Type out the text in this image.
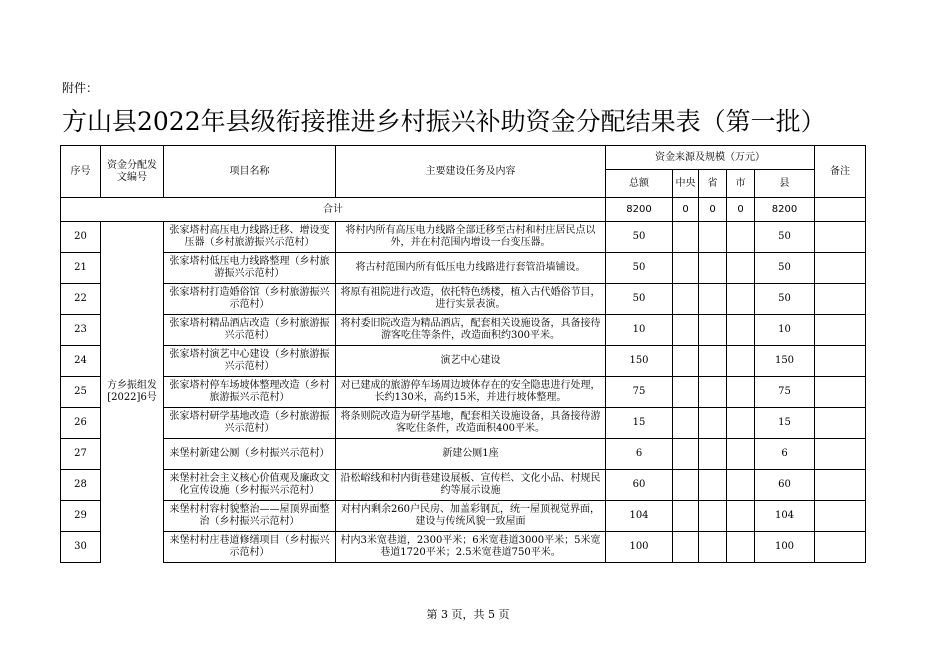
附件：
方山县2022年县级衔接推进乡村振兴补助资金分配结果表（第一批）
序号	资金分配发文编号	项目名称	主要建设任务及内容	资金来源及规模（万元）					备注
				总额	中央	省	市	县	
合计				8200	0	0	0	8200	
20	方乡振组发[2022]6号	张家塔村高压电力线路迁移、增设变压器（乡村旅游振兴示范村）	将村内所有高压电力线路全部迁移至古村和村庄居民点以外，并在村范围内增设一台变压器。	50				50	
21		张家塔村低压电力线路整理（乡村旅游振兴示范村）	将古村范围内所有低压电力线路进行套管沿墙铺设。	50				50	
22		张家塔村打造婚俗馆（乡村旅游振兴示范村）	将原有祖院进行改造，依托特色绣楼，植入古代婚俗节目，进行实景表演。	50				50	
23		张家塔村精品酒店改造（乡村旅游振兴示范村）	将村委旧院改造为精品酒店，配套相关设施设备，具备接待游客吃住等条件，改造面积约300平米。	10				10	
24		张家塔村演艺中心建设（乡村旅游振兴示范村）	演艺中心建设	150				150	
25		张家塔村停车场坡体整理改造（乡村旅游振兴示范村）	对已建成的旅游停车场周边坡体存在的安全隐患进行处理，长约130米，高约15米，并进行坡体整理。	75				75	
26		张家塔村研学基地改造（乡村旅游振兴示范村）	将条则院改造为研学基地，配套相关设施设备，具备接待游客吃住条件，改造面积400平米。	15				15	
27		来堡村新建公厕（乡村振兴示范村）	新建公厕1座	6				6	
28		来堡村社会主义核心价值观及廉政文化宣传设施（乡村振兴示范村）	沿松峪线和村内街巷建设展板、宣传栏、文化小品、村规民约等展示设施	60				60	
29		来堡村村容村貌整治——屋顶界面整治（乡村振兴示范村）	对村内剩余260户民房、加盖彩钢瓦，统一屋顶视觉界面，建设与传统风貌一致屋面	104				104	
30		来堡村村庄巷道修缮项目（乡村振兴示范村）	村内3米宽巷道，2300平米；6米宽巷道3000平米；5米宽巷道1720平米；2.5米宽巷道750平米。	100				100	
第 3 页，共 5 页
